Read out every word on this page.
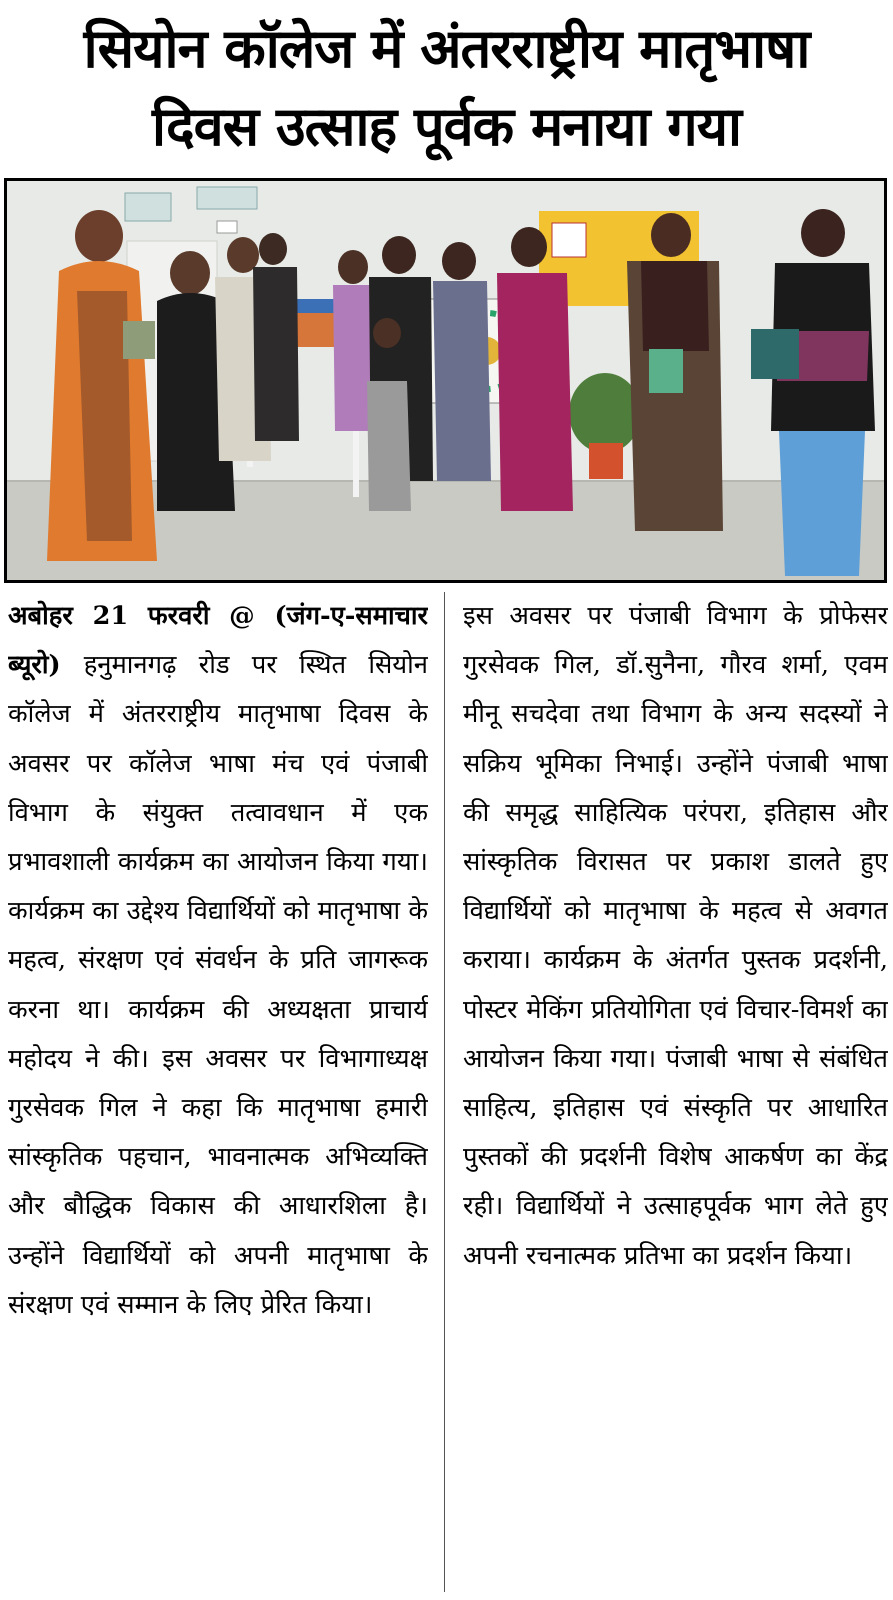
सियोन कॉलेज में अंतरराष्ट्रीय मातृभाषा
दिवस उत्साह पूर्वक मनाया गया
अबोहर 21 फरवरी @ (जंग-ए-समाचार ब्यूरो) हनुमानगढ़ रोड पर स्थित सियोन कॉलेज में अंतरराष्ट्रीय मातृभाषा दिवस के अवसर पर कॉलेज भाषा मंच एवं पंजाबी विभाग के संयुक्त तत्वावधान में एक प्रभावशाली कार्यक्रम का आयोजन किया गया। कार्यक्रम का उद्देश्य विद्यार्थियों को मातृभाषा के महत्व, संरक्षण एवं संवर्धन के प्रति जागरूक करना था। कार्यक्रम की अध्यक्षता प्राचार्य महोदय ने की। इस अवसर पर विभागाध्यक्ष गुरसेवक गिल ने कहा कि मातृभाषा हमारी सांस्कृतिक पहचान, भावनात्मक अभिव्यक्ति और बौद्धिक विकास की आधारशिला है। उन्होंने विद्यार्थियों को अपनी मातृभाषा के संरक्षण एवं सम्मान के लिए प्रेरित किया।
इस अवसर पर पंजाबी विभाग के प्रोफेसर गुरसेवक गिल, डॉ.सुनैना, गौरव शर्मा, एवम मीनू सचदेवा तथा विभाग के अन्य सदस्यों ने सक्रिय भूमिका निभाई। उन्होंने पंजाबी भाषा की समृद्ध साहित्यिक परंपरा, इतिहास और सांस्कृतिक विरासत पर प्रकाश डालते हुए विद्यार्थियों को मातृभाषा के महत्व से अवगत कराया। कार्यक्रम के अंतर्गत पुस्तक प्रदर्शनी, पोस्टर मेकिंग प्रतियोगिता एवं विचार-विमर्श का आयोजन किया गया। पंजाबी भाषा से संबंधित साहित्य, इतिहास एवं संस्कृति पर आधारित पुस्तकों की प्रदर्शनी विशेष आकर्षण का केंद्र रही। विद्यार्थियों ने उत्साहपूर्वक भाग लेते हुए अपनी रचनात्मक प्रतिभा का प्रदर्शन किया।
